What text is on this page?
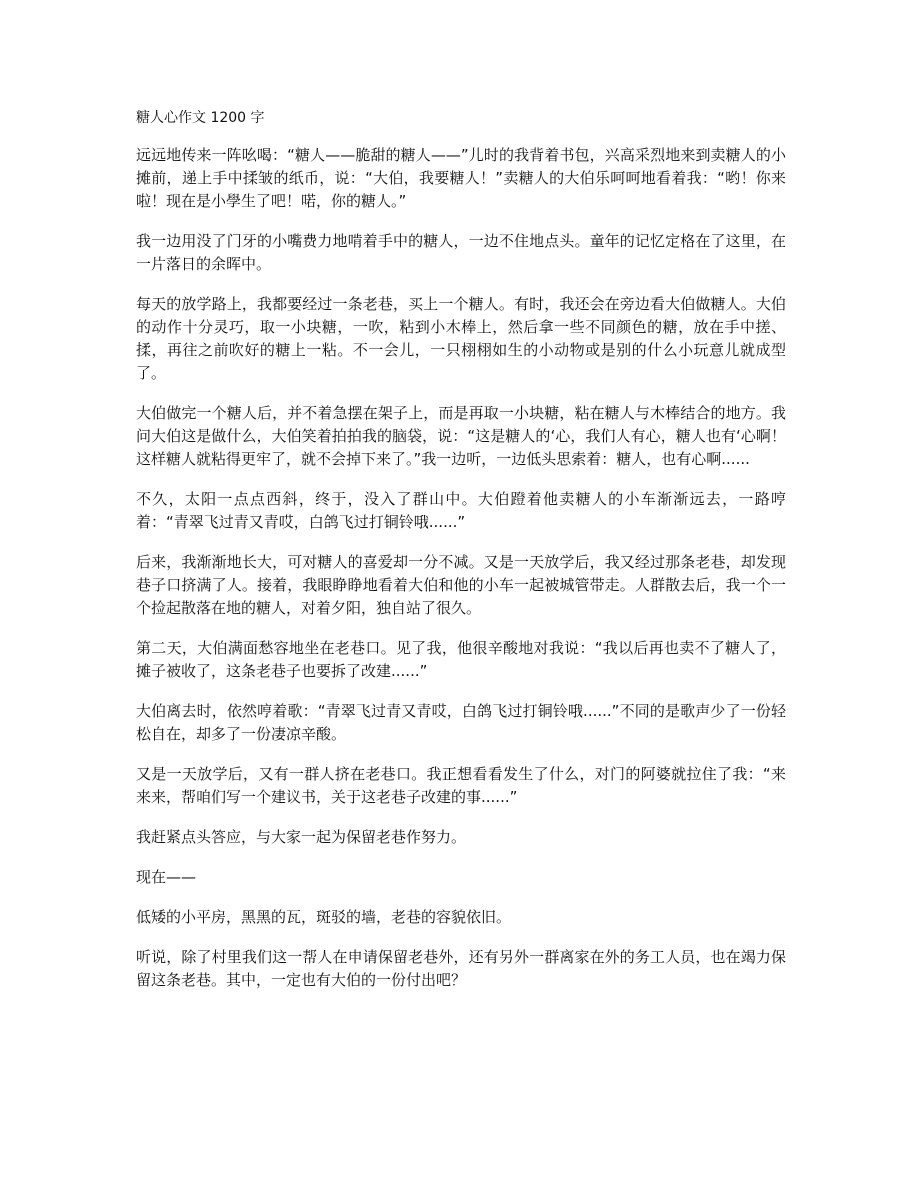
糖人心作文 1200 字

远远地传来一阵吆喝：“糖人——脆甜的糖人——”儿时的我背着书包，兴高采烈地来到卖糖人的小摊前，递上手中揉皱的纸币，说：“大伯，我要糖人！”卖糖人的大伯乐呵呵地看着我：“哟！你来啦！现在是小學生了吧！喏，你的糖人。”

我一边用没了门牙的小嘴费力地啃着手中的糖人，一边不住地点头。童年的记忆定格在了这里，在一片落日的余晖中。

每天的放学路上，我都要经过一条老巷，买上一个糖人。有时，我还会在旁边看大伯做糖人。大伯的动作十分灵巧，取一小块糖，一吹，粘到小木棒上，然后拿一些不同颜色的糖，放在手中搓、揉，再往之前吹好的糖上一粘。不一会儿，一只栩栩如生的小动物或是别的什么小玩意儿就成型了。

大伯做完一个糖人后，并不着急摆在架子上，而是再取一小块糖，粘在糖人与木棒结合的地方。我问大伯这是做什么，大伯笑着拍拍我的脑袋，说：“这是糖人的‘心，我们人有心，糖人也有‘心啊！这样糖人就粘得更牢了，就不会掉下来了。”我一边听，一边低头思索着：糖人，也有心啊......

不久，太阳一点点西斜，终于，没入了群山中。大伯蹬着他卖糖人的小车渐渐远去，一路哼着：“青翠飞过青又青哎，白鸽飞过打铜铃哦......”

后来，我渐渐地长大，可对糖人的喜爱却一分不减。又是一天放学后，我又经过那条老巷，却发现巷子口挤满了人。接着，我眼睁睁地看着大伯和他的小车一起被城管带走。人群散去后，我一个一个捡起散落在地的糖人，对着夕阳，独自站了很久。

第二天，大伯满面愁容地坐在老巷口。见了我，他很辛酸地对我说：“我以后再也卖不了糖人了，摊子被收了，这条老巷子也要拆了改建......”

大伯离去时，依然哼着歌：“青翠飞过青又青哎，白鸽飞过打铜铃哦......”不同的是歌声少了一份轻松自在，却多了一份凄凉辛酸。

又是一天放学后，又有一群人挤在老巷口。我正想看看发生了什么，对门的阿婆就拉住了我：“来来来，帮咱们写一个建议书，关于这老巷子改建的事......”

我赶紧点头答应，与大家一起为保留老巷作努力。

现在——

低矮的小平房，黑黑的瓦，斑驳的墙，老巷的容貌依旧。

听说，除了村里我们这一帮人在申请保留老巷外，还有另外一群离家在外的务工人员，也在竭力保留这条老巷。其中，一定也有大伯的一份付出吧？
